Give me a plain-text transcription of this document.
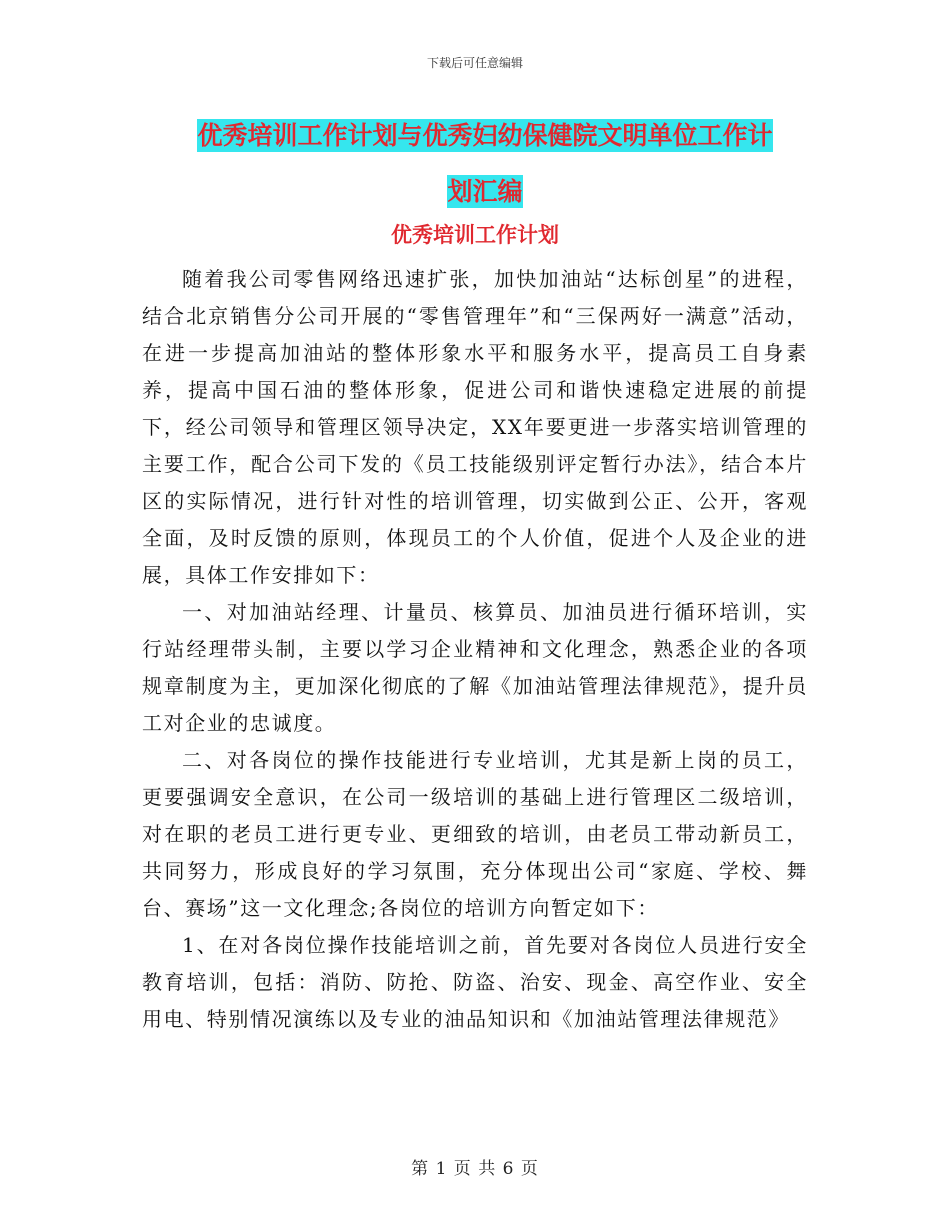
下载后可任意编辑
优秀培训工作计划与优秀妇幼保健院文明单位工作计
划汇编
优秀培训工作计划

随着我公司零售网络迅速扩张，加快加油站“达标创星”的进程，结合北京销售分公司开展的“零售管理年”和“三保两好一满意”活动，在进一步提高加油站的整体形象水平和服务水平，提高员工自身素养，提高中国石油的整体形象，促进公司和谐快速稳定进展的前提下，经公司领导和管理区领导决定，XX年要更进一步落实培训管理的主要工作，配合公司下发的《员工技能级别评定暂行办法》，结合本片区的实际情况，进行针对性的培训管理，切实做到公正、公开，客观全面，及时反馈的原则，体现员工的个人价值，促进个人及企业的进展，具体工作安排如下：

一、对加油站经理、计量员、核算员、加油员进行循环培训，实行站经理带头制，主要以学习企业精神和文化理念，熟悉企业的各项规章制度为主，更加深化彻底的了解《加油站管理法律规范》，提升员工对企业的忠诚度。

二、对各岗位的操作技能进行专业培训，尤其是新上岗的员工，更要强调安全意识，在公司一级培训的基础上进行管理区二级培训，对在职的老员工进行更专业、更细致的培训，由老员工带动新员工，共同努力，形成良好的学习氛围，充分体现出公司“家庭、学校、舞台、赛场”这一文化理念;各岗位的培训方向暂定如下：

1、在对各岗位操作技能培训之前，首先要对各岗位人员进行安全教育培训，包括：消防、防抢、防盗、治安、现金、高空作业、安全用电、特别情况演练以及专业的油品知识和《加油站管理法律规范》

第 1 页 共 6 页
